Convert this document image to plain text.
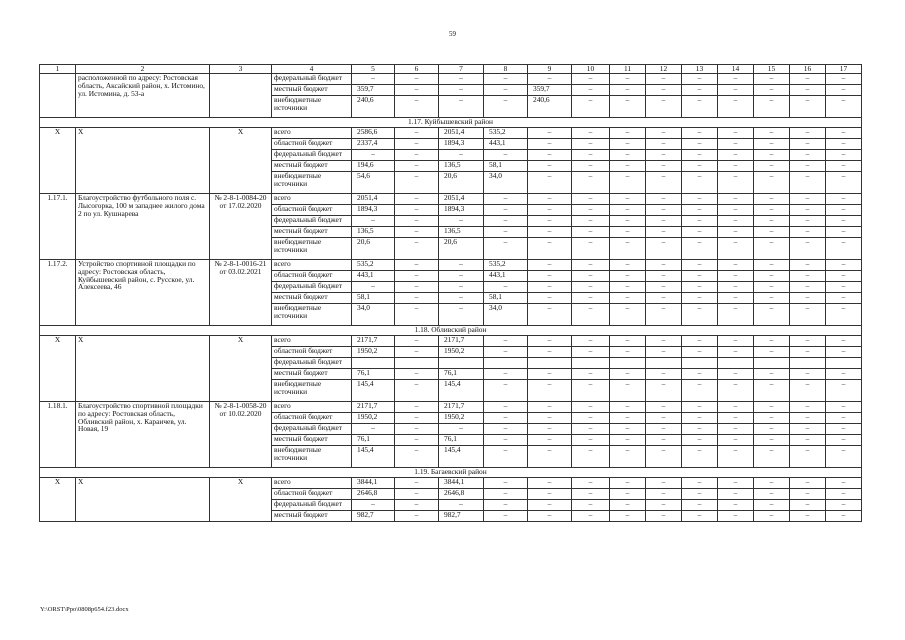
59
1	2	3	4	5	6	7	8	9	10	11	12	13	14	15	16	17
	расположенной по адресу: Ростовская область, Аксайский район, х. Истомино, ул. Истомина, д. 53-а		федеральный бюджет	–	–	–	–	–	–	–	–	–	–	–	–	–
			местный бюджет	359,7	–	–	–	359,7	–	–	–	–	–	–	–	–
			внебюджетные источники	240,6	–	–	–	240,6	–	–	–	–	–	–	–	–
1.17. Куйбышевский район																
Х	Х	Х	всего	2586,6	–	2051,4	535,2	–	–	–	–	–	–	–	–	–
			областной бюджет	2337,4	–	1894,3	443,1	–	–	–	–	–	–	–	–	–
			федеральный бюджет	–	–	–	–	–	–	–	–	–	–	–	–	–
			местный бюджет	194,6	–	136,5	58,1	–	–	–	–	–	–	–	–	–
			внебюджетные источники	54,6	–	20,6	34,0	–	–	–	–	–	–	–	–	–
1.17.1.	Благоустройство футбольного поля с. Лысогорка, 100 м западнее жилого дома 2 по ул. Кушнарева	№ 2-8-1-0084-20 от 17.02.2020	всего	2051,4	–	2051,4	–	–	–	–	–	–	–	–	–	–
			областной бюджет	1894,3	–	1894,3	–	–	–	–	–	–	–	–	–	–
			федеральный бюджет	–	–	–	–	–	–	–	–	–	–	–	–	–
			местный бюджет	136,5	–	136,5	–	–	–	–	–	–	–	–	–	–
			внебюджетные источники	20,6	–	20,6	–	–	–	–	–	–	–	–	–	–
1.17.2.	Устройство спортивной площадки по адресу: Ростовская область, Куйбышевский район, с. Русское, ул. Алексеева, 46	№ 2-8-1-0016-21 от 03.02.2021	всего	535,2	–	–	535,2	–	–	–	–	–	–	–	–	–
			областной бюджет	443,1	–	–	443,1	–	–	–	–	–	–	–	–	–
			федеральный бюджет	–	–	–	–	–	–	–	–	–	–	–	–	–
			местный бюджет	58,1	–	–	58,1	–	–	–	–	–	–	–	–	–
			внебюджетные источники	34,0	–	–	34,0	–	–	–	–	–	–	–	–	–
1.18. Обливский район																
Х	Х	Х	всего	2171,7	–	2171,7	–	–	–	–	–	–	–	–	–	–
			областной бюджет	1950,2	–	1950,2	–	–	–	–	–	–	–	–	–	–
			федеральный бюджет													
			местный бюджет	76,1	–	76,1	–	–	–	–	–	–	–	–	–	–
			внебюджетные источники	145,4	–	145,4	–	–	–	–	–	–	–	–	–	–
1.18.1.	Благоустройство спортивной площадки по адресу: Ростовская область, Обливский район, х. Караичев, ул. Новая, 19	№ 2-8-1-0058-20 от 10.02.2020	всего	2171,7	–	2171,7	–	–	–	–	–	–	–	–	–	–
			областной бюджет	1950,2	–	1950,2	–	–	–	–	–	–	–	–	–	–
			федеральный бюджет	–	–	–	–	–	–	–	–	–	–	–	–	–
			местный бюджет	76,1	–	76,1	–	–	–	–	–	–	–	–	–	–
			внебюджетные источники	145,4	–	145,4	–	–	–	–	–	–	–	–	–	–
1.19. Багаевский район																
Х	Х	Х	всего	3844,1	–	3844,1	–	–	–	–	–	–	–	–	–	–
			областной бюджет	2646,8	–	2646,8	–	–	–	–	–	–	–	–	–	–
			федеральный бюджет	–	–	–	–	–	–	–	–	–	–	–	–	–
			местный бюджет	982,7	–	982,7	–	–	–	–	–	–	–	–	–	–
Y:\ORST\Ppo\0808p654.f23.docx
